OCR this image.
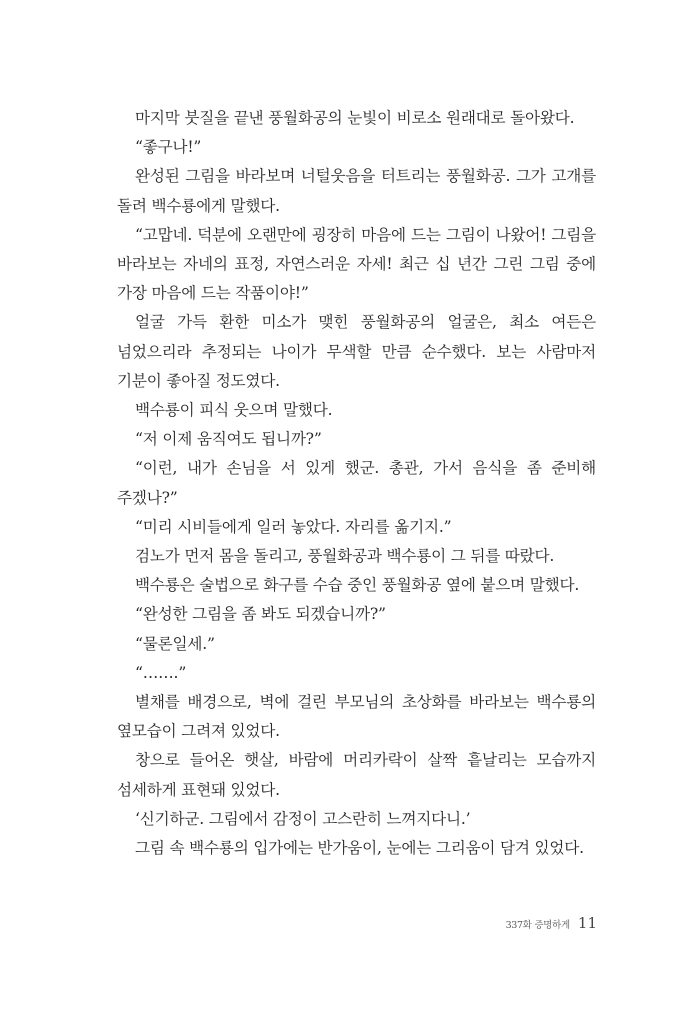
마지막 붓질을 끝낸 풍월화공의 눈빛이 비로소 원래대로 돌아왔다.

“좋구나!”

완성된 그림을 바라보며 너털웃음을 터트리는 풍월화공. 그가 고개를 돌려 백수룡에게 말했다.

“고맙네. 덕분에 오랜만에 굉장히 마음에 드는 그림이 나왔어! 그림을 바라보는 자네의 표정, 자연스러운 자세! 최근 십 년간 그린 그림 중에 가장 마음에 드는 작품이야!”

얼굴 가득 환한 미소가 맺힌 풍월화공의 얼굴은, 최소 여든은 넘었으리라 추정되는 나이가 무색할 만큼 순수했다. 보는 사람마저 기분이 좋아질 정도였다.

백수룡이 피식 웃으며 말했다.

“저 이제 움직여도 됩니까?”

“이런, 내가 손님을 서 있게 했군. 총관, 가서 음식을 좀 준비해 주겠나?”

“미리 시비들에게 일러 놓았다. 자리를 옮기지.”

검노가 먼저 몸을 돌리고, 풍월화공과 백수룡이 그 뒤를 따랐다.

백수룡은 술법으로 화구를 수습 중인 풍월화공 옆에 붙으며 말했다.

“완성한 그림을 좀 봐도 되겠습니까?”

“물론일세.”

“…….”

별채를 배경으로, 벽에 걸린 부모님의 초상화를 바라보는 백수룡의 옆모습이 그려져 있었다.

창으로 들어온 햇살, 바람에 머리카락이 살짝 흩날리는 모습까지 섬세하게 표현돼 있었다.

‘신기하군. 그림에서 감정이 고스란히 느껴지다니.’

그림 속 백수룡의 입가에는 반가움이, 눈에는 그리움이 담겨 있었다.

337화 증명하게 11
